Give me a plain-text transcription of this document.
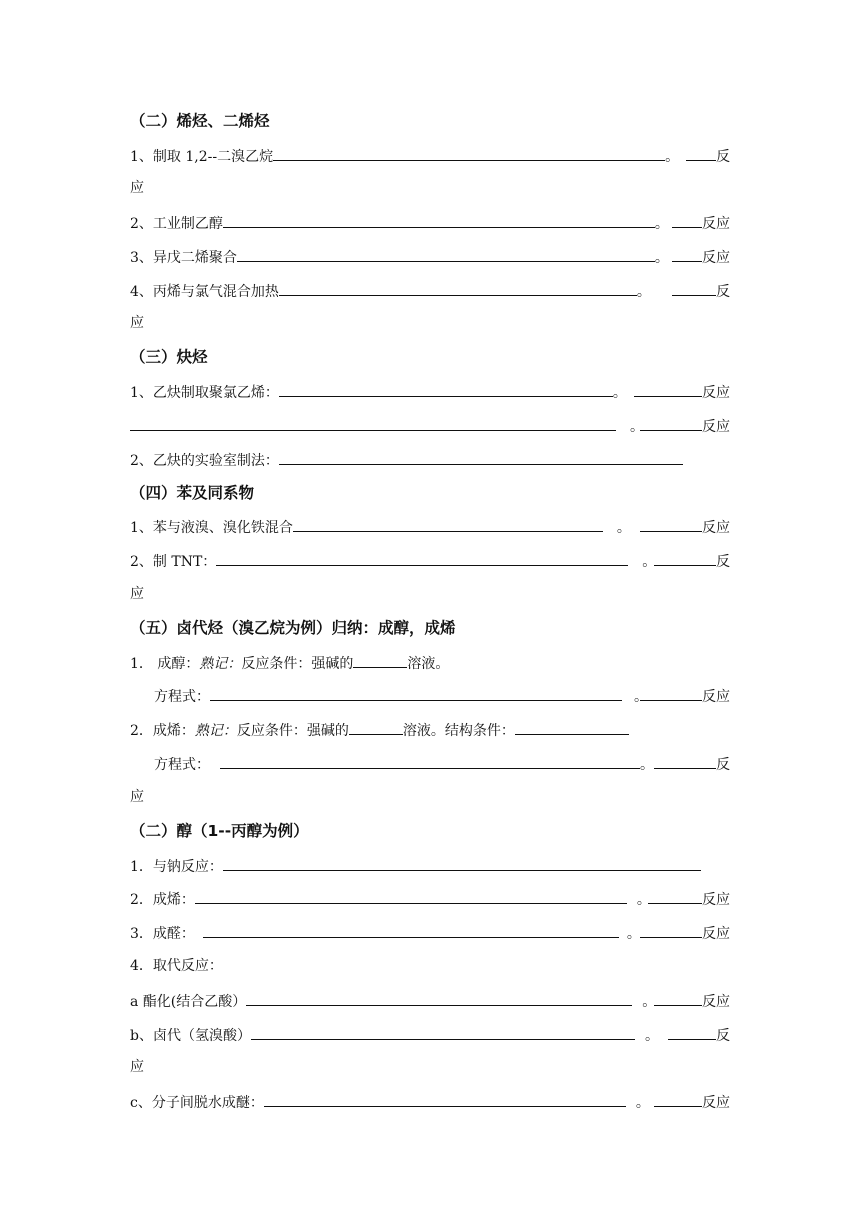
（二）烯烃、二烯烃
1、制取 1,2--二溴乙烷	。	反
应
2、工业制乙醇	。	反应
3、异戊二烯聚合	。	反应
4、丙烯与氯气混合加热	。	反
应
（三）炔烃
1、乙炔制取聚氯乙烯：	。	反应
。	反应
2、乙炔的实验室制法：
（四）苯及同系物
1、苯与液溴、溴化铁混合	。	反应
2、制 TNT：	。	反
应
（五）卤代烃（溴乙烷为例）归纳：成醇，成烯
1． 成醇：熟记：反应条件：强碱的	溶液。
方程式：	。	反应
2．成烯：熟记：反应条件：强碱的	溶液。结构条件：
方程式：	。	反
应
（二）醇（1--丙醇为例）
1．与钠反应：
2．成烯：	。	反应
3．成醛：	。	反应
4．取代反应：
a 酯化(结合乙酸）	。	反应
b、卤代（氢溴酸）	。	反
应
c、分子间脱水成醚：	。	反应
